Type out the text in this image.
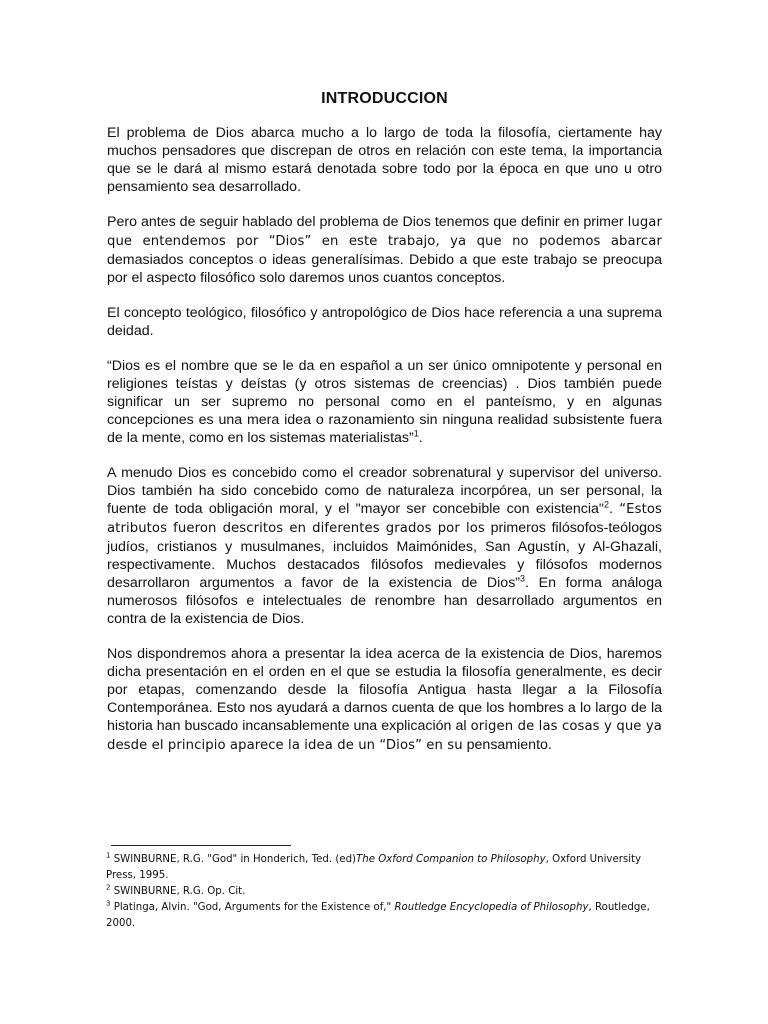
INTRODUCCION

El problema de Dios abarca mucho a lo largo de toda la filosofía, ciertamente hay muchos pensadores que discrepan de otros en relación con este tema, la importancia que se le dará al mismo estará denotada sobre todo por la época en que uno u otro pensamiento sea desarrollado.

Pero antes de seguir hablado del problema de Dios tenemos que definir en primer lugar que entendemos por “Dios” en este trabajo, ya que no podemos abarcar demasiados conceptos o ideas generalísimas. Debido a que este trabajo se preocupa por el aspecto filosófico solo daremos unos cuantos conceptos.

El concepto teológico, filosófico y antropológico de Dios hace referencia a una suprema deidad.

“Dios es el nombre que se le da en español a un ser único omnipotente y personal en religiones teístas y deístas (y otros sistemas de creencias) . Dios también puede significar un ser supremo no personal como en el panteísmo, y en algunas concepciones es una mera idea o razonamiento sin ninguna realidad subsistente fuera de la mente, como en los sistemas materialistas”$^1$.

A menudo Dios es concebido como el creador sobrenatural y supervisor del universo. Dios también ha sido concebido como de naturaleza incorpórea, un ser personal, la fuente de toda obligación moral, y el "mayor ser concebible con existencia"$^2$. “Estos atributos fueron descritos en diferentes grados por los primeros filósofos-teólogos judíos, cristianos y musulmanes, incluidos Maimónides, San Agustín, y Al-Ghazali, respectivamente. Muchos destacados filósofos medievales y filósofos modernos desarrollaron argumentos a favor de la existencia de Dios”$^3$. En forma análoga numerosos filósofos e intelectuales de renombre han desarrollado argumentos en contra de la existencia de Dios.

Nos dispondremos ahora a presentar la idea acerca de la existencia de Dios, haremos dicha presentación en el orden en el que se estudia la filosofía generalmente, es decir por etapas, comenzando desde la filosofía Antigua hasta llegar a la Filosofía Contemporánea. Esto nos ayudará a darnos cuenta de que los hombres a lo largo de la historia han buscado incansablemente una explicación al origen de las cosas y que ya desde el principio aparece la idea de un “Dios” en su pensamiento.

$^1$ SWINBURNE, R.G. "God" in Honderich, Ted. (ed)The Oxford Companion to Philosophy, Oxford University Press, 1995.

$^2$ SWINBURNE, R.G. Op. Cit.

$^3$ Platinga, Alvin. "God, Arguments for the Existence of," Routledge Encyclopedia of Philosophy, Routledge, 2000.
